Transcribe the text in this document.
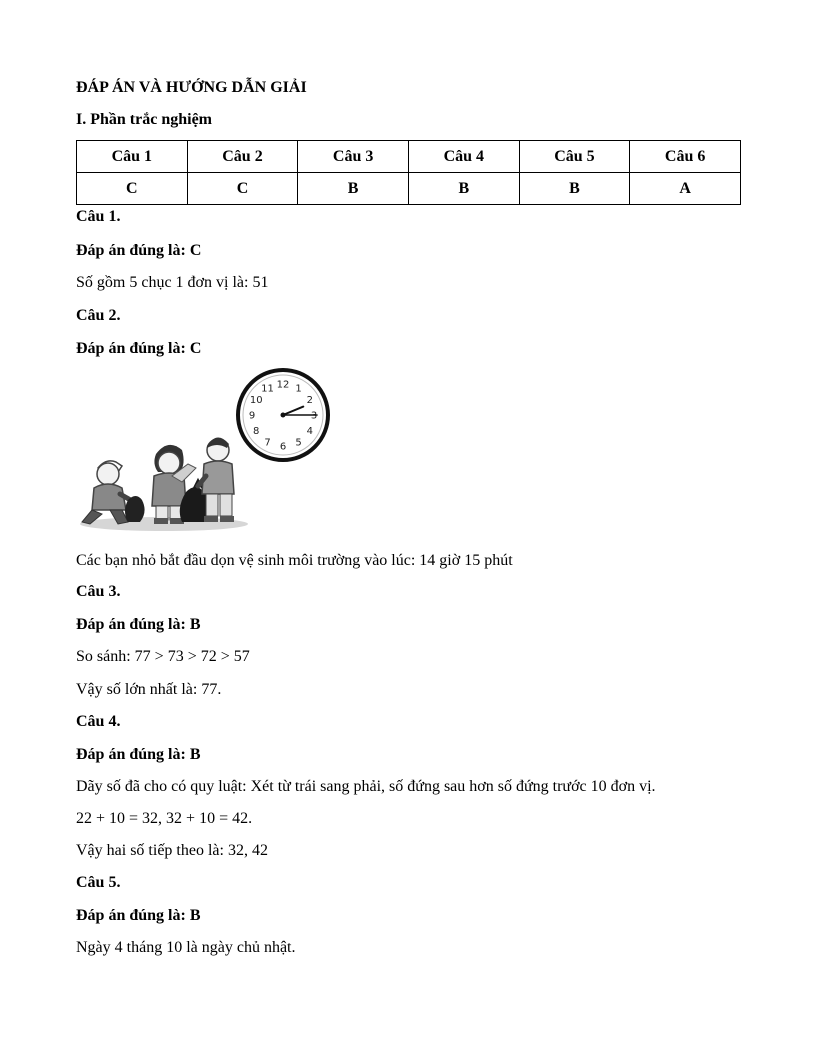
ĐÁP ÁN VÀ HƯỚNG DẪN GIẢI
I. Phần trắc nghiệm
Câu 1	Câu 2	Câu 3	Câu 4	Câu 5	Câu 6
C	C	B	B	B	A
Câu 1.
Đáp án đúng là: C
Số gồm 5 chục 1 đơn vị là: 51
Câu 2.
Đáp án đúng là: C
12 1
2
3
4
5
6
7
8
9
10
11
Các bạn nhỏ bắt đầu dọn vệ sinh môi trường vào lúc: 14 giờ 15 phút
Câu 3.
Đáp án đúng là: B
So sánh: 77 > 73 > 72 > 57
Vậy số lớn nhất là: 77.
Câu 4.
Đáp án đúng là: B
Dãy số đã cho có quy luật: Xét từ trái sang phải, số đứng sau hơn số đứng trước 10 đơn vị.
22 + 10 = 32, 32 + 10 = 42.
Vậy hai số tiếp theo là: 32, 42
Câu 5.
Đáp án đúng là: B
Ngày 4 tháng 10 là ngày chủ nhật.
